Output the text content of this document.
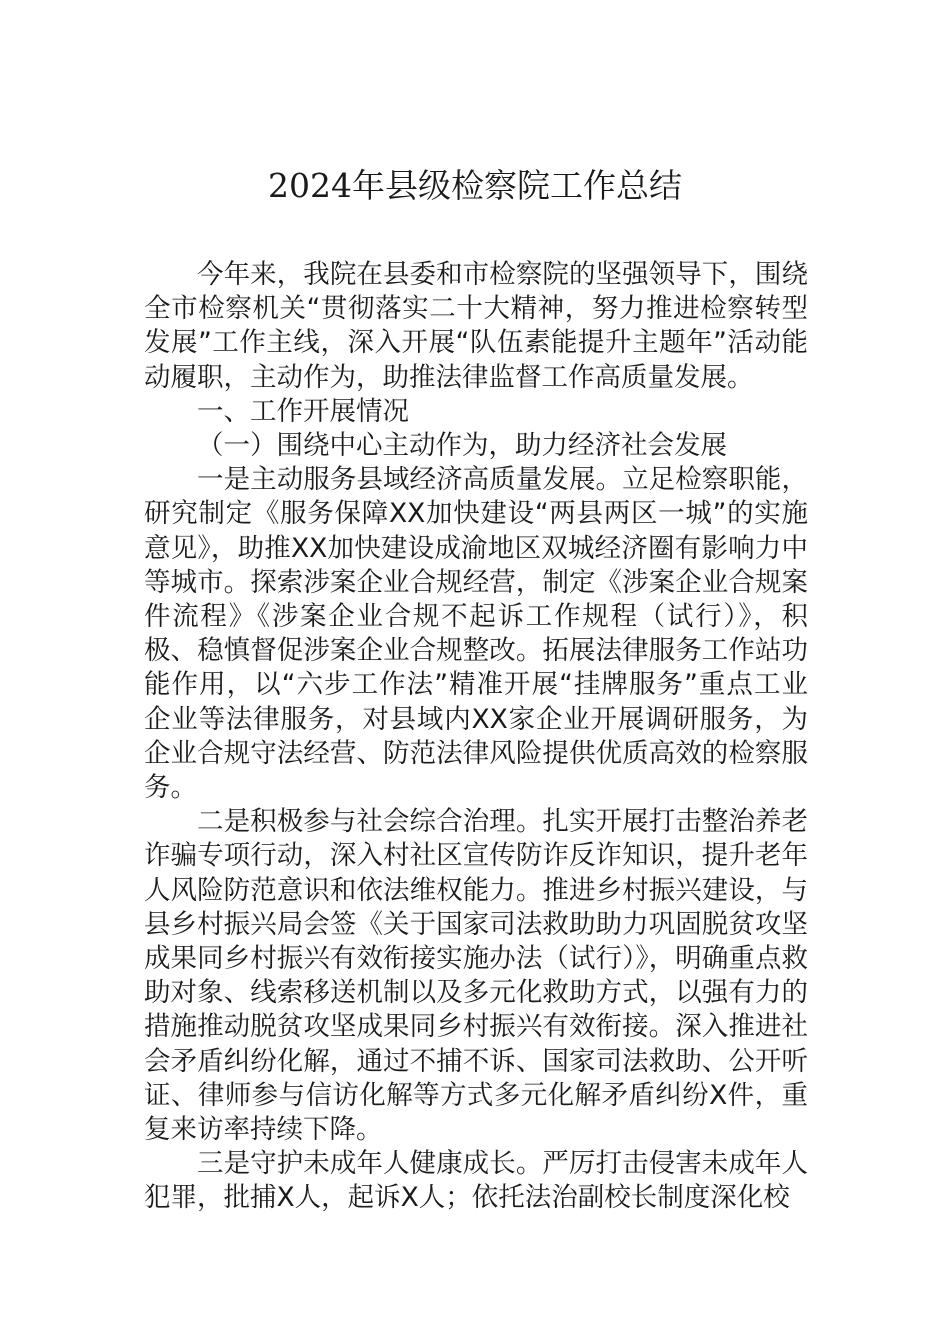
2024年县级检察院工作总结

今年来，我院在县委和市检察院的坚强领导下，围绕全市检察机关“贯彻落实二十大精神，努力推进检察转型发展”工作主线，深入开展“队伍素能提升主题年”活动能动履职，主动作为，助推法律监督工作高质量发展。

一、工作开展情况

（一）围绕中心主动作为，助力经济社会发展

一是主动服务县域经济高质量发展。立足检察职能，研究制定《服务保障XX加快建设“两县两区一城”的实施意见》，助推XX加快建设成渝地区双城经济圈有影响力中等城市。探索涉案企业合规经营，制定《涉案企业合规案件流程》《涉案企业合规不起诉工作规程（试行）》，积极、稳慎督促涉案企业合规整改。拓展法律服务工作站功能作用，以“六步工作法”精准开展“挂牌服务”重点工业企业等法律服务，对县域内XX家企业开展调研服务，为企业合规守法经营、防范法律风险提供优质高效的检察服务。

二是积极参与社会综合治理。扎实开展打击整治养老诈骗专项行动，深入村社区宣传防诈反诈知识，提升老年人风险防范意识和依法维权能力。推进乡村振兴建设，与县乡村振兴局会签《关于国家司法救助助力巩固脱贫攻坚成果同乡村振兴有效衔接实施办法（试行）》，明确重点救助对象、线索移送机制以及多元化救助方式，以强有力的措施推动脱贫攻坚成果同乡村振兴有效衔接。深入推进社会矛盾纠纷化解，通过不捕不诉、国家司法救助、公开听证、律师参与信访化解等方式多元化解矛盾纠纷X件，重复来访率持续下降。

三是守护未成年人健康成长。严厉打击侵害未成年人犯罪，批捕X人，起诉X人；依托法治副校长制度深化校
